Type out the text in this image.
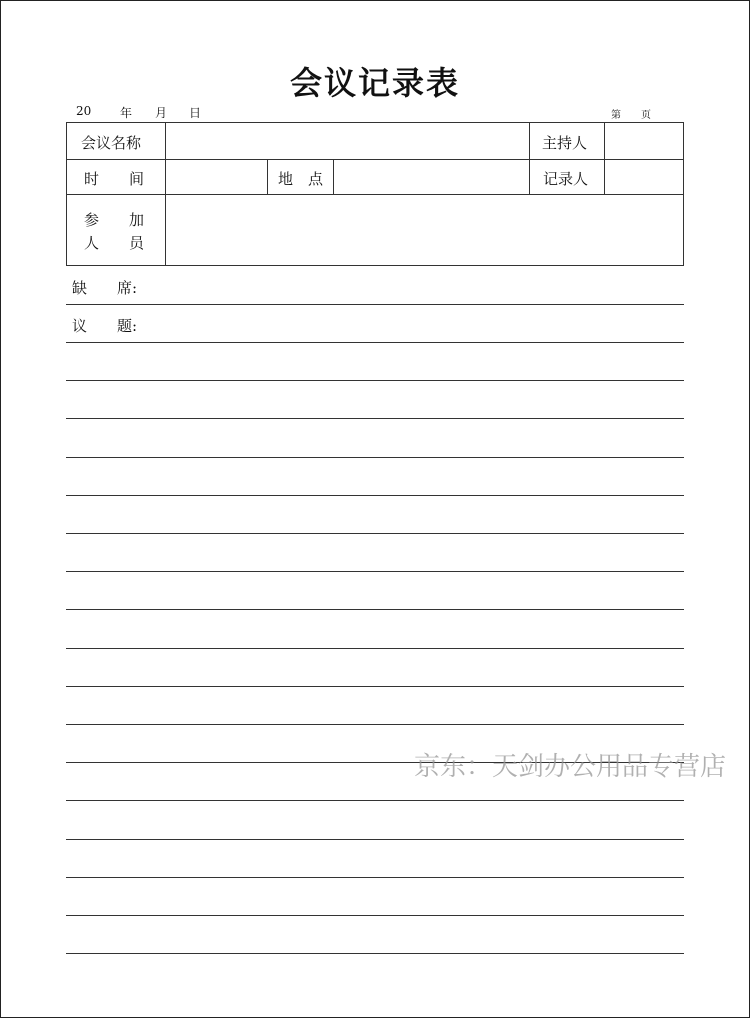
会议记录表
20 年 月 日	第 页
会议名称	主持人
时　　间	地　点	记录人
参　　加
人　　员
缺　　席:
议　　题:
京东：天剑办公用品专营店
